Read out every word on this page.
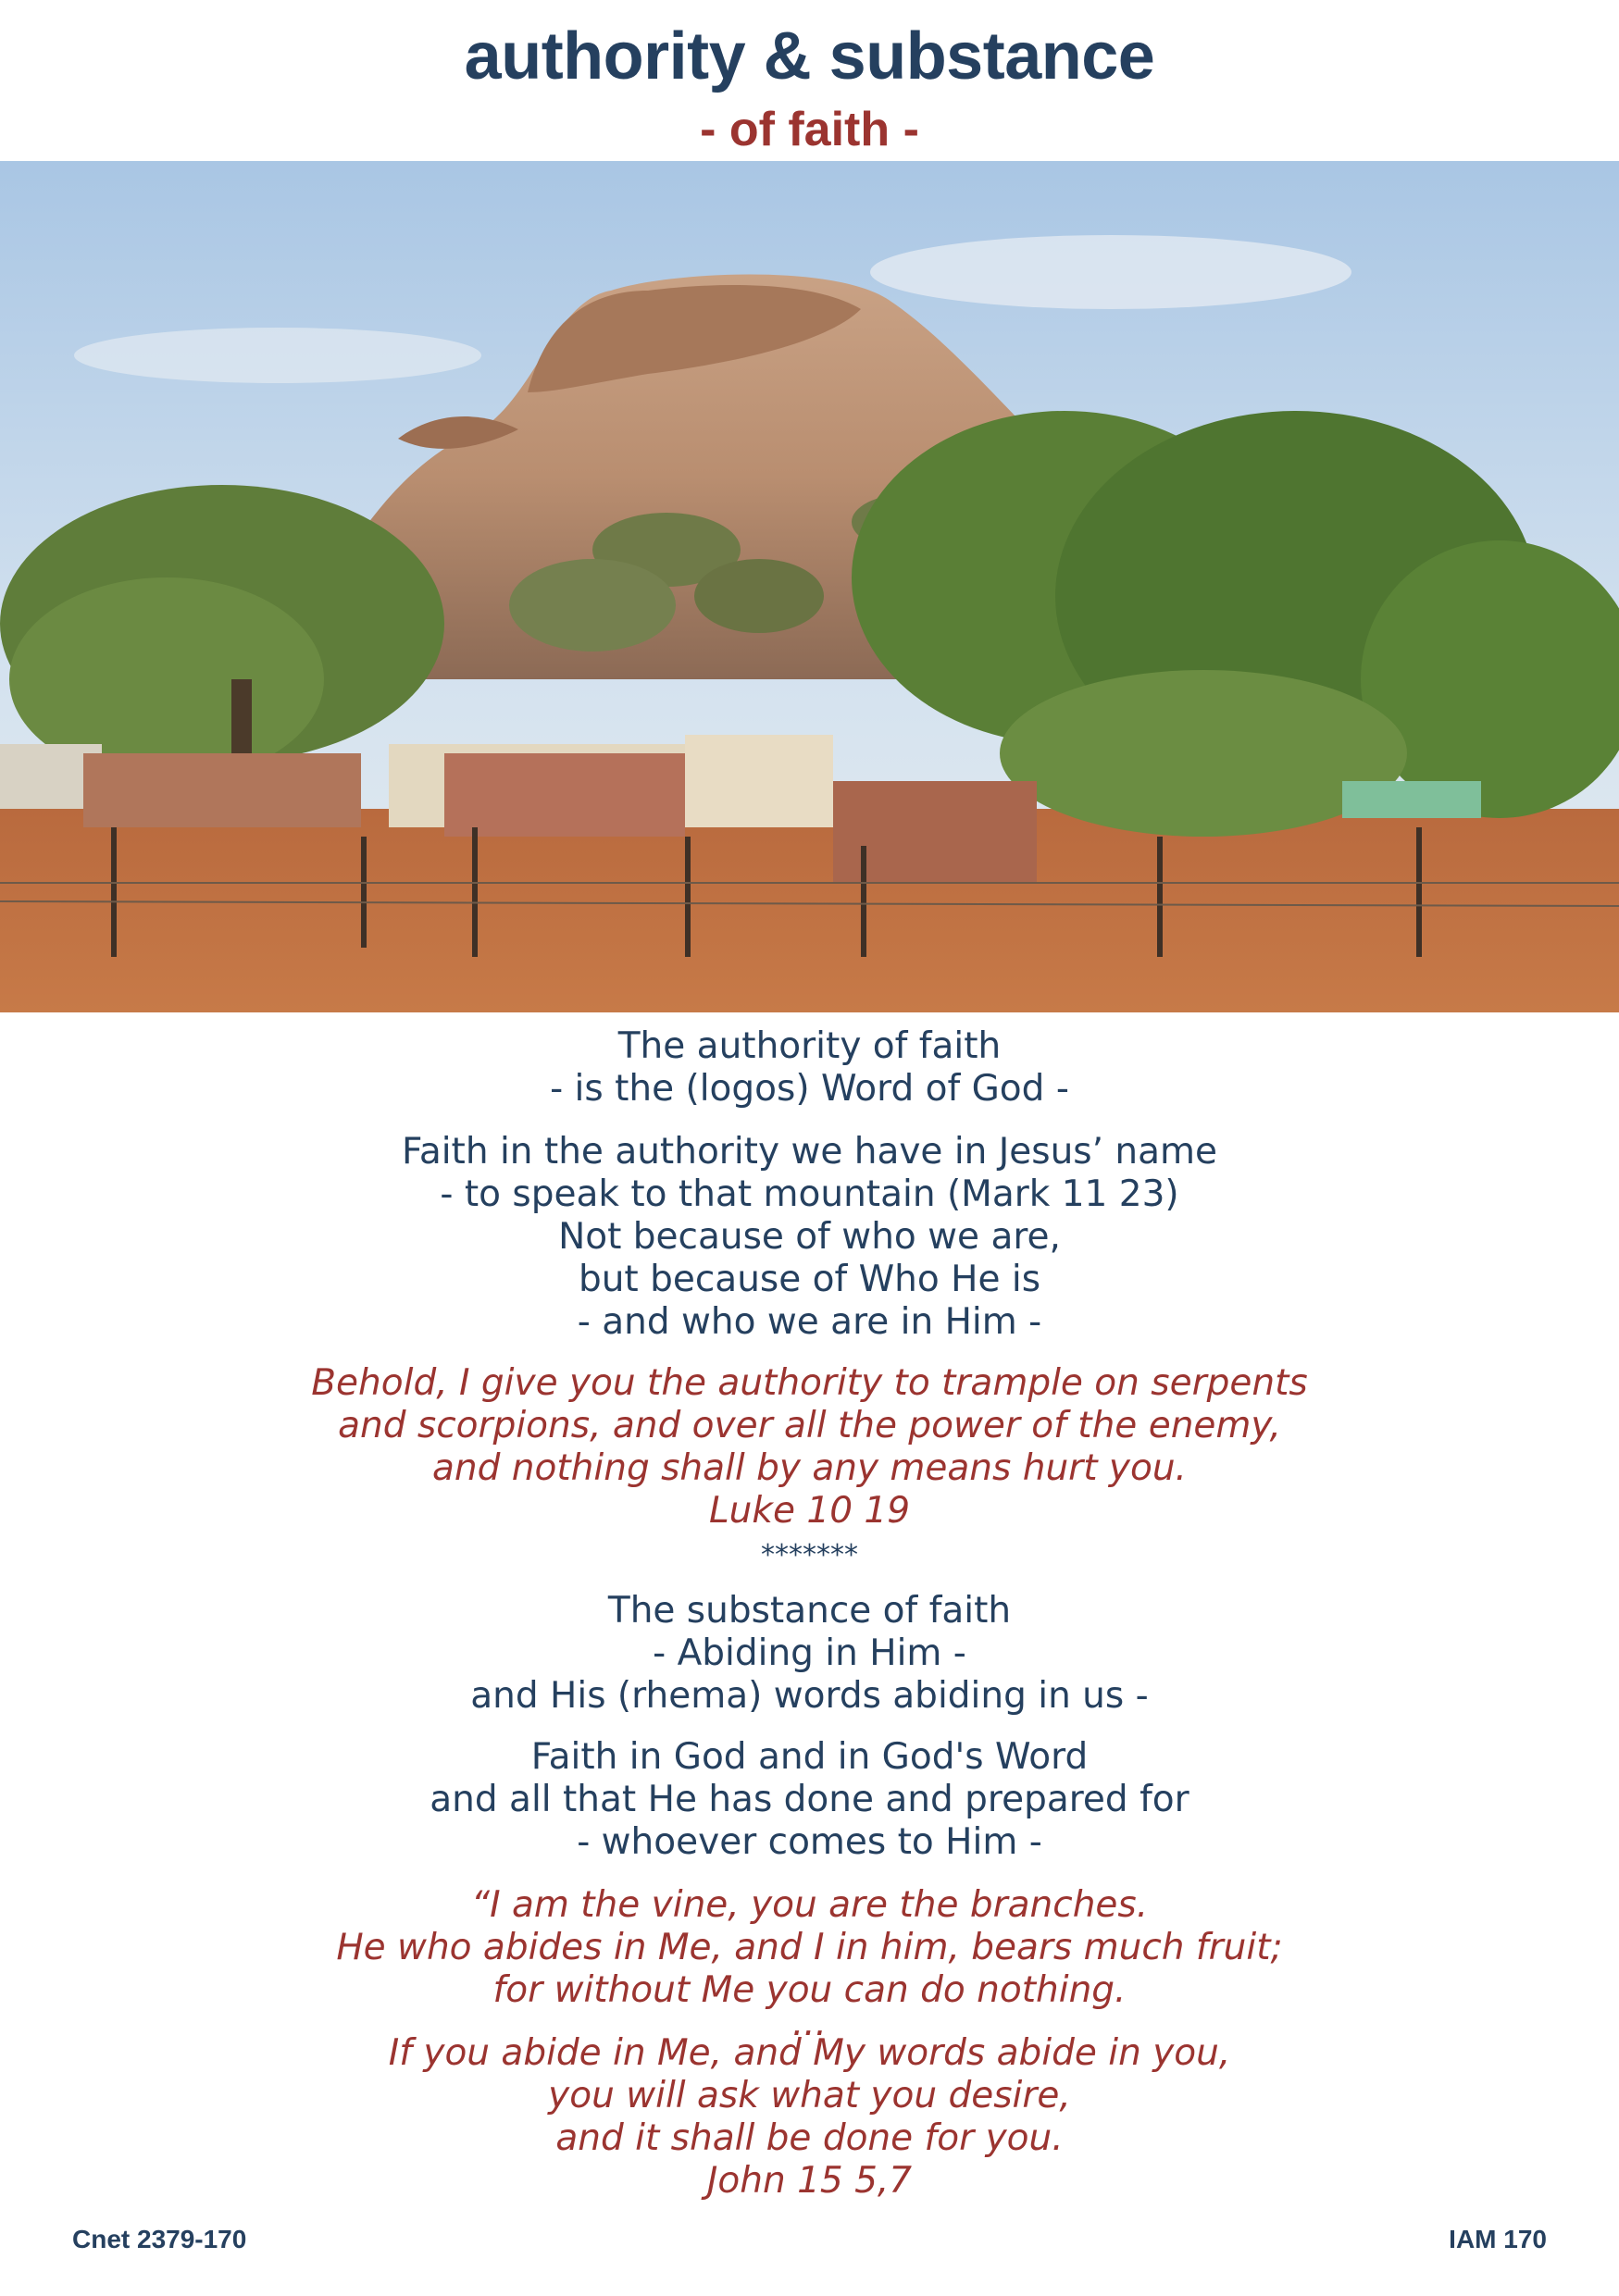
authority & substance
- of faith -
The authority of faith
- is the (logos) Word of God -
Faith in the authority we have in Jesus’ name
- to speak to that mountain (Mark 11 23)
Not because of who we are,
but because of Who He is
- and who we are in Him -
Behold, I give you the authority to trample on serpents
and scorpions, and over all the power of the enemy,
and nothing shall by any means hurt you.
Luke 10 19
*******
The substance of faith
- Abiding in Him -
and His (rhema) words abiding in us -
Faith in God and in God's Word
and all that He has done and prepared for
- whoever comes to Him -
“I am the vine, you are the branches.
He who abides in Me, and I in him, bears much fruit;
for without Me you can do nothing.
...
If you abide in Me, and My words abide in you,
you will ask what you desire,
and it shall be done for you.
John 15 5,7
Cnet 2379-170	IAM 170
